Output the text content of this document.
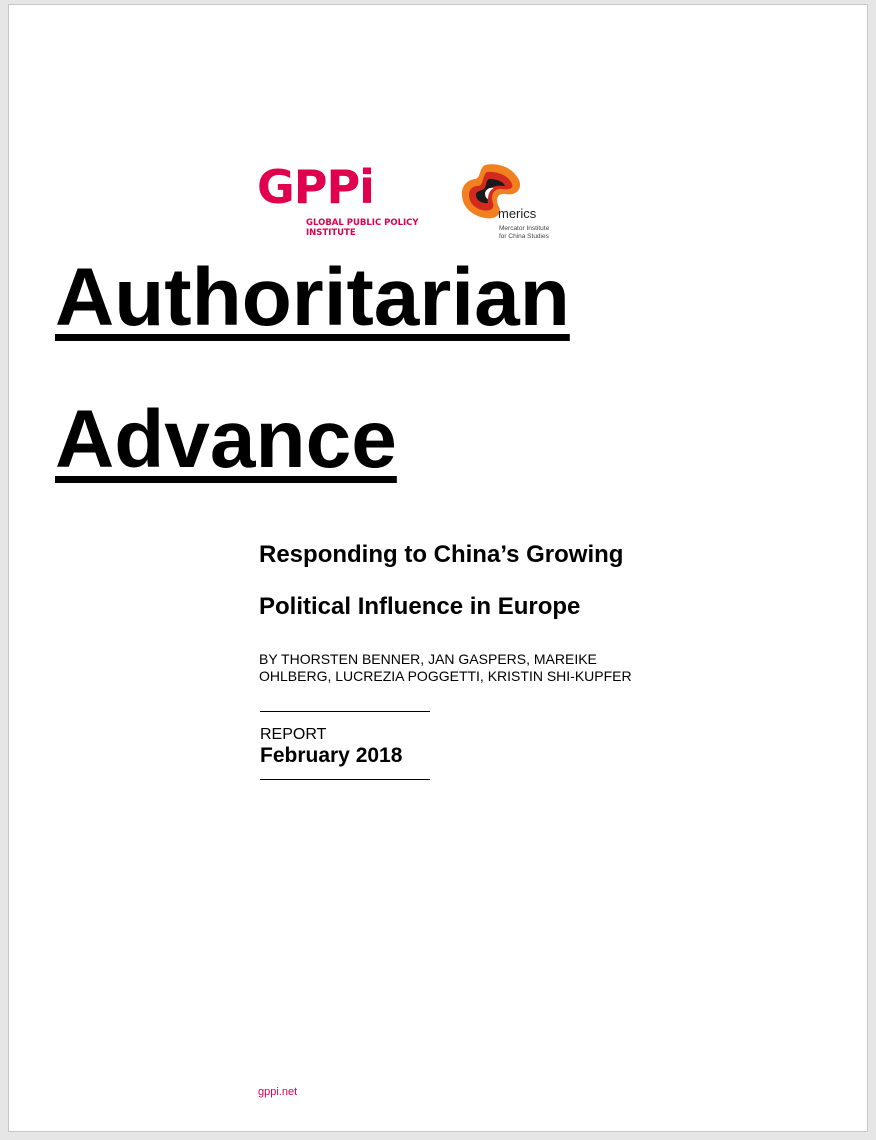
GPPi
GLOBAL PUBLIC POLICY
INSTITUTE
merics
Mercator Institute
for China Studies
Authoritarian
Advance
Responding to China’s Growing
Political Influence in Europe
BY THORSTEN BENNER, JAN GASPERS, MAREIKE
OHLBERG, LUCREZIA POGGETTI, KRISTIN SHI-KUPFER
REPORT
February 2018
gppi.net
